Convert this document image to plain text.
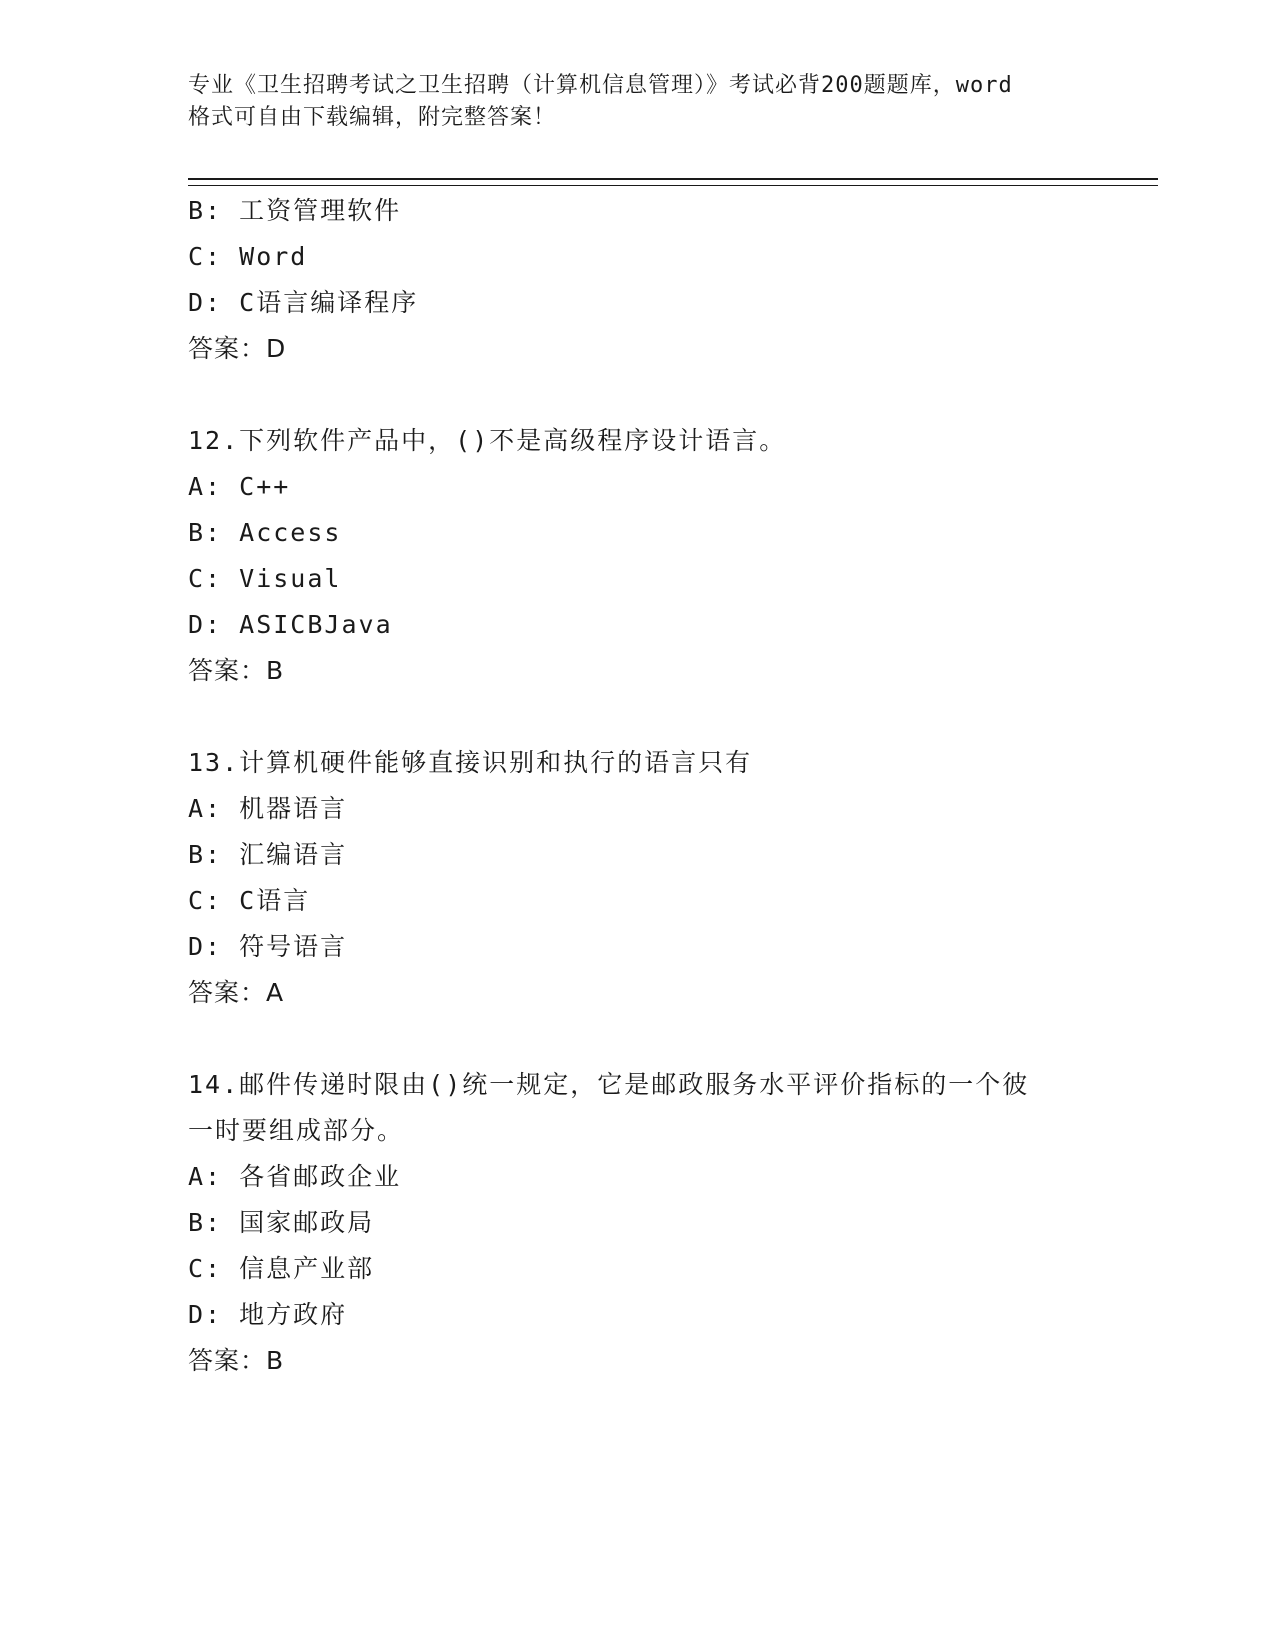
专业《卫生招聘考试之卫生招聘（计算机信息管理）》考试必背200题题库，word
格式可自由下载编辑，附完整答案！
B: 工资管理软件
C: Word
D: C语言编译程序
答案：D
12.下列软件产品中，()不是高级程序设计语言。
A: C++
B: Access
C: Visual
D: ASICBJava
答案：B
13.计算机硬件能够直接识别和执行的语言只有
A: 机器语言
B: 汇编语言
C: C语言
D: 符号语言
答案：A
14.邮件传递时限由()统一规定，它是邮政服务水平评价指标的一个彼
一时要组成部分。
A: 各省邮政企业
B: 国家邮政局
C: 信息产业部
D: 地方政府
答案：B
